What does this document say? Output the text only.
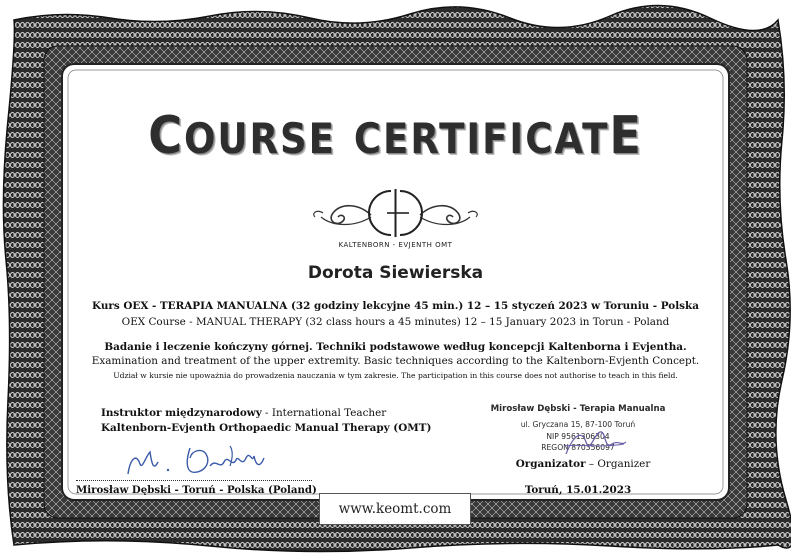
COURSE CERTIFICATE
KALTENBORN - EVJENTH OMT
Dorota Siewierska
Kurs OEX - TERAPIA MANUALNA (32 godziny lekcyjne 45 min.) 12 – 15 styczeń 2023 w Toruniu - Polska
OEX Course - MANUAL THERAPY (32 class hours a 45 minutes) 12 – 15 January 2023 in Torun - Poland
Badanie i leczenie kończyny górnej. Techniki podstawowe według koncepcji Kaltenborna i Evjentha.
Examination and treatment of the upper extremity. Basic techniques according to the Kaltenborn-Evjenth Concept.
Udział w kursie nie upoważnia do prowadzenia nauczania w tym zakresie. The participation in this course does not authorise to teach in this field.
Instruktor międzynarodowy - International Teacher
Kaltenborn-Evjenth Orthopaedic Manual Therapy (OMT)
Mirosław Dębski - Toruń - Polska (Poland)
Mirosław Dębski - Terapia Manualna
ul. Gryczana 15, 87-100 Toruń
NIP 9561306304
REGON 870356097
Organizator – Organizer
Toruń, 15.01.2023
www.keomt.com
